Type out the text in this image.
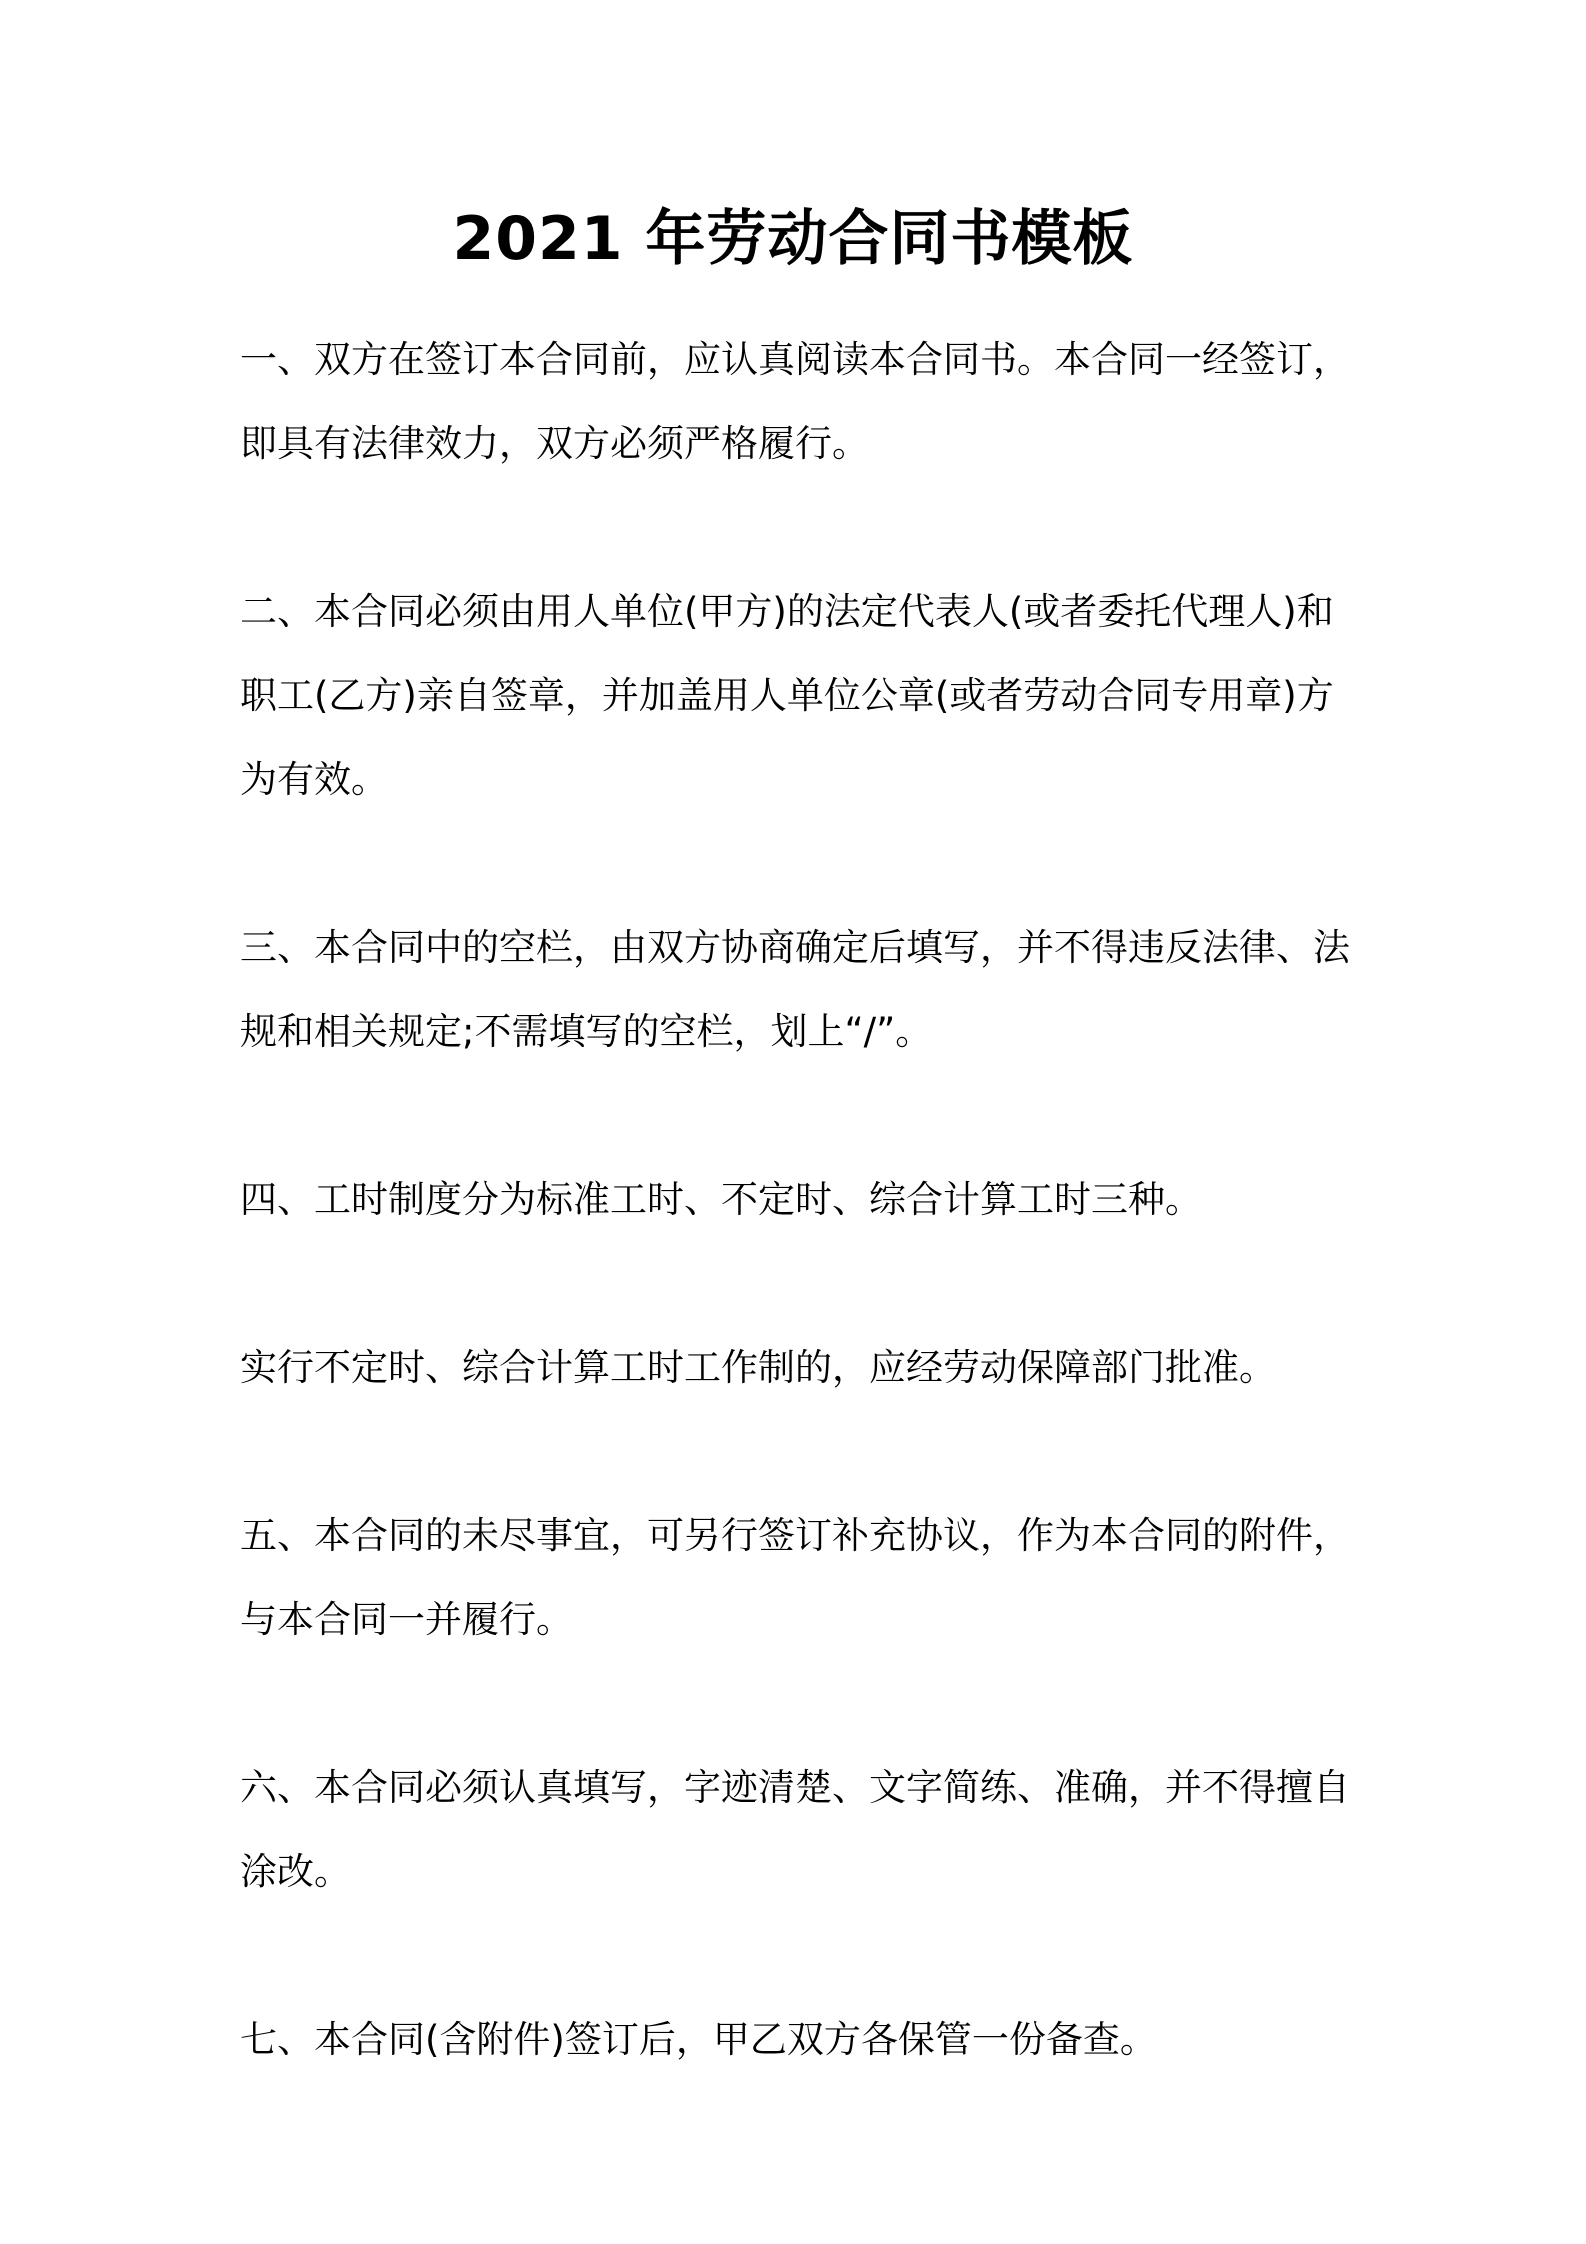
2021 年劳动合同书模板
一、双方在签订本合同前，应认真阅读本合同书。本合同一经签订，
即具有法律效力，双方必须严格履行。
二、本合同必须由用人单位(甲方)的法定代表人(或者委托代理人)和
职工(乙方)亲自签章，并加盖用人单位公章(或者劳动合同专用章)方
为有效。
三、本合同中的空栏，由双方协商确定后填写，并不得违反法律、法
规和相关规定;不需填写的空栏，划上“/”。
四、工时制度分为标准工时、不定时、综合计算工时三种。
实行不定时、综合计算工时工作制的，应经劳动保障部门批准。
五、本合同的未尽事宜，可另行签订补充协议，作为本合同的附件，
与本合同一并履行。
六、本合同必须认真填写，字迹清楚、文字简练、准确，并不得擅自
涂改。
七、本合同(含附件)签订后，甲乙双方各保管一份备查。
